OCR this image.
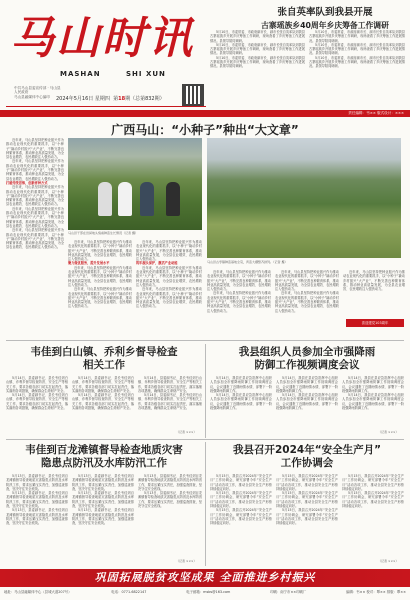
马山时讯
MASHAN	SHI XUN
中共马山县委宣传部 · 马山县人民政府
马山县融媒体中心编印	2024年5月16日 星期四 第18期（总第832期）
张自英率队到我县开展
古寨瑶族乡40周年乡庆筹备工作调研

5月10日，市委常委、市政府副市长、副市长张自英率队到我县古寨瑶族乡开展乡庆筹备工作调研，现场查看了乡庆筹备工作进展情况。县领导陪同调研。

5月10日，市委常委、市政府副市长、副市长张自英率队到我县古寨瑶族乡开展乡庆筹备工作调研，现场查看了乡庆筹备工作进展情况。县领导陪同调研。

5月10日，市委常委、市政府副市长、副市长张自英率队到我县古寨瑶族乡开展乡庆筹备工作调研，现场查看了乡庆筹备工作进展情况。县领导陪同调研。

5月10日，市委常委、市政府副市长、副市长张自英率队到我县古寨瑶族乡开展乡庆筹备工作调研，现场查看了乡庆筹备工作进展情况。县领导陪同调研。

5月10日，市委常委、市政府副市长、副市长张自英率队到我县古寨瑶族乡开展乡庆筹备工作调研，现场查看了乡庆筹备工作进展情况。县领导陪同调研。

5月10日，市委常委、市政府副市长、副市长张自英率队到我县古寨瑶族乡开展乡庆筹备工作调研，现场查看了乡庆筹备工作进展情况。县领导陪同调研。

责任编辑：韦×× 版式设计：×××
广西马山：“小种子”种出“大文章”

近年来，马山县坚持把种业振兴作为推动农业现代化的重要抓手，以“小种子”撬动乡村振兴“大产业”，不断完善良种繁育体系，推动种业高质量发展，为全县农业增效、农民增收注入强劲动力。

近年来，马山县坚持把种业振兴作为推动农业现代化的重要抓手，以“小种子”撬动乡村振兴“大产业”，不断完善良种繁育体系，推动种业高质量发展，为全县农业增效、农民增收注入强劲动力。

打破传统思维，创新育种方式

近年来，马山县坚持把种业振兴作为推动农业现代化的重要抓手，以“小种子”撬动乡村振兴“大产业”，不断完善良种繁育体系，推动种业高质量发展，为全县农业增效、农民增收注入强劲动力。

近年来，马山县坚持把种业振兴作为推动农业现代化的重要抓手，以“小种子”撬动乡村振兴“大产业”，不断完善良种繁育体系，推动种业高质量发展，为全县农业增效、农民增收注入强劲动力。

近年来，马山县坚持把种业振兴作为推动农业现代化的重要抓手，以“小种子”撬动乡村振兴“大产业”，不断完善良种繁育体系，推动种业高质量发展，为全县农业增效、农民增收注入强劲动力。

马山县干部在田间地头察看种苗生长情况（记者 摄）

近年来，马山县坚持把种业振兴作为推动农业现代化的重要抓手，以“小种子”撬动乡村振兴“大产业”，不断完善良种繁育体系，推动种业高质量发展，为全县农业增效、农民增收注入强劲动力。

聚力做优服务，提升发展水平

近年来，马山县坚持把种业振兴作为推动农业现代化的重要抓手，以“小种子”撬动乡村振兴“大产业”，不断完善良种繁育体系，推动种业高质量发展，为全县农业增效、农民增收注入强劲动力。

近年来，马山县坚持把种业振兴作为推动农业现代化的重要抓手，以“小种子”撬动乡村振兴“大产业”，不断完善良种繁育体系，推动种业高质量发展，为全县农业增效、农民增收注入强劲动力。

近年来，马山县坚持把种业振兴作为推动农业现代化的重要抓手，以“小种子”撬动乡村振兴“大产业”，不断完善良种繁育体系，推动种业高质量发展，为全县农业增效、农民增收注入强劲动力。

筑牢源头保护，激活产业动能

近年来，马山县坚持把种业振兴作为推动农业现代化的重要抓手，以“小种子”撬动乡村振兴“大产业”，不断完善良种繁育体系，推动种业高质量发展，为全县农业增效、农民增收注入强劲动力。

近年来，马山县坚持把种业振兴作为推动农业现代化的重要抓手，以“小种子”撬动乡村振兴“大产业”，不断完善良种繁育体系，推动种业高质量发展，为全县农业增效、农民增收注入强劲动力。

马山县古零镇种苗基地全景，育苗大棚整齐排列。（记者 摄）

近年来，马山县坚持把种业振兴作为推动农业现代化的重要抓手，以“小种子”撬动乡村振兴“大产业”，不断完善良种繁育体系，推动种业高质量发展，为全县农业增效、农民增收注入强劲动力。

近年来，马山县坚持把种业振兴作为推动农业现代化的重要抓手，以“小种子”撬动乡村振兴“大产业”，不断完善良种繁育体系，推动种业高质量发展，为全县农业增效、农民增收注入强劲动力。

近年来，马山县坚持把种业振兴作为推动农业现代化的重要抓手，以“小种子”撬动乡村振兴“大产业”，不断完善良种繁育体系，推动种业高质量发展，为全县农业增效、农民增收注入强劲动力。

近年来，马山县坚持把种业振兴作为推动农业现代化的重要抓手，以“小种子”撬动乡村振兴“大产业”，不断完善良种繁育体系，推动种业高质量发展，为全县农业增效、农民增收注入强劲动力。

近年来，马山县坚持把种业振兴作为推动农业现代化的重要抓手，以“小种子”撬动乡村振兴“大产业”，不断完善良种繁育体系，推动种业高质量发展，为全县农业增效、农民增收注入强劲动力。

喜迎建党103周年
韦佳到白山镇、乔利乡督导检查
相关工作

5月14日，县委副书记、县长韦佳到白山镇、乔利乡督导检查防汛、安全生产等相关工作，要求各级各部门切实扛起责任，落实落细各项措施，确保群众生命财产安全。

5月14日，县委副书记、县长韦佳到白山镇、乔利乡督导检查防汛、安全生产等相关工作，要求各级各部门切实扛起责任，落实落细各项措施，确保群众生命财产安全。

5月14日，县委副书记、县长韦佳到白山镇、乔利乡督导检查防汛、安全生产等相关工作，要求各级各部门切实扛起责任，落实落细各项措施，确保群众生命财产安全。

5月14日，县委副书记、县长韦佳到白山镇、乔利乡督导检查防汛、安全生产等相关工作，要求各级各部门切实扛起责任，落实落细各项措施，确保群众生命财产安全。

5月14日，县委副书记、县长韦佳到白山镇、乔利乡督导检查防汛、安全生产等相关工作，要求各级各部门切实扛起责任，落实落细各项措施，确保群众生命财产安全。

5月14日，县委副书记、县长韦佳到白山镇、乔利乡督导检查防汛、安全生产等相关工作，要求各级各部门切实扛起责任，落实落细各项措施，确保群众生命财产安全。

（记者 ×××）
我县组织人员参加全市强降雨
防御工作视频调度会议

5月14日，我县在县应急指挥中心组织人员参加全市强降雨防御工作视频调度会议，会议通报了近期雨情水情，部署下一阶段强降雨防御工作。

5月14日，我县在县应急指挥中心组织人员参加全市强降雨防御工作视频调度会议，会议通报了近期雨情水情，部署下一阶段强降雨防御工作。

5月14日，我县在县应急指挥中心组织人员参加全市强降雨防御工作视频调度会议，会议通报了近期雨情水情，部署下一阶段强降雨防御工作。

5月14日，我县在县应急指挥中心组织人员参加全市强降雨防御工作视频调度会议，会议通报了近期雨情水情，部署下一阶段强降雨防御工作。

5月14日，我县在县应急指挥中心组织人员参加全市强降雨防御工作视频调度会议，会议通报了近期雨情水情，部署下一阶段强降雨防御工作。

5月14日，我县在县应急指挥中心组织人员参加全市强降雨防御工作视频调度会议，会议通报了近期雨情水情，部署下一阶段强降雨防御工作。

（记者 ×××）
韦佳到百龙滩镇督导检查地质灾害
隐患点防汛及水库防汛工作

5月13日，县委副书记、县长韦佳到百龙滩镇督导检查地质灾害隐患点防汛及水库防汛工作，要求压紧压实责任，加强巡查排查，坚决守住安全底线。

5月13日，县委副书记、县长韦佳到百龙滩镇督导检查地质灾害隐患点防汛及水库防汛工作，要求压紧压实责任，加强巡查排查，坚决守住安全底线。

5月13日，县委副书记、县长韦佳到百龙滩镇督导检查地质灾害隐患点防汛及水库防汛工作，要求压紧压实责任，加强巡查排查，坚决守住安全底线。

5月13日，县委副书记、县长韦佳到百龙滩镇督导检查地质灾害隐患点防汛及水库防汛工作，要求压紧压实责任，加强巡查排查，坚决守住安全底线。

5月13日，县委副书记、县长韦佳到百龙滩镇督导检查地质灾害隐患点防汛及水库防汛工作，要求压紧压实责任，加强巡查排查，坚决守住安全底线。

5月13日，县委副书记、县长韦佳到百龙滩镇督导检查地质灾害隐患点防汛及水库防汛工作，要求压紧压实责任，加强巡查排查，坚决守住安全底线。

5月13日，县委副书记、县长韦佳到百龙滩镇督导检查地质灾害隐患点防汛及水库防汛工作，要求压紧压实责任，加强巡查排查，坚决守住安全底线。

5月13日，县委副书记、县长韦佳到百龙滩镇督导检查地质灾害隐患点防汛及水库防汛工作，要求压紧压实责任，加强巡查排查，坚决守住安全底线。

（记者 ×××）
我县召开2024年“安全生产月”
工作协调会

5月15日，我县召开2024年“安全生产月”工作协调会，研究部署今年“安全生产月”活动各项工作，推动全县安全生产形势持续稳定向好。

5月15日，我县召开2024年“安全生产月”工作协调会，研究部署今年“安全生产月”活动各项工作，推动全县安全生产形势持续稳定向好。

5月15日，我县召开2024年“安全生产月”工作协调会，研究部署今年“安全生产月”活动各项工作，推动全县安全生产形势持续稳定向好。

5月15日，我县召开2024年“安全生产月”工作协调会，研究部署今年“安全生产月”活动各项工作，推动全县安全生产形势持续稳定向好。

5月15日，我县召开2024年“安全生产月”工作协调会，研究部署今年“安全生产月”活动各项工作，推动全县安全生产形势持续稳定向好。

5月15日，我县召开2024年“安全生产月”工作协调会，研究部署今年“安全生产月”活动各项工作，推动全县安全生产形势持续稳定向好。

5月15日，我县召开2024年“安全生产月”工作协调会，研究部署今年“安全生产月”活动各项工作，推动全县安全生产形势持续稳定向好。

5月15日，我县召开2024年“安全生产月”工作协调会，研究部署今年“安全生产月”活动各项工作，推动全县安全生产形势持续稳定向好。

（记者 ×××）
巩固拓展脱贫攻坚成果 全面推进乡村振兴
地址：马山县融媒体中心（县城大道207号）	电话：0771-6822147	电子邮箱：msbs@163.com	印刷：南宁市××印刷厂	编辑：韦×× 校对：覃×× 排版：覃××
